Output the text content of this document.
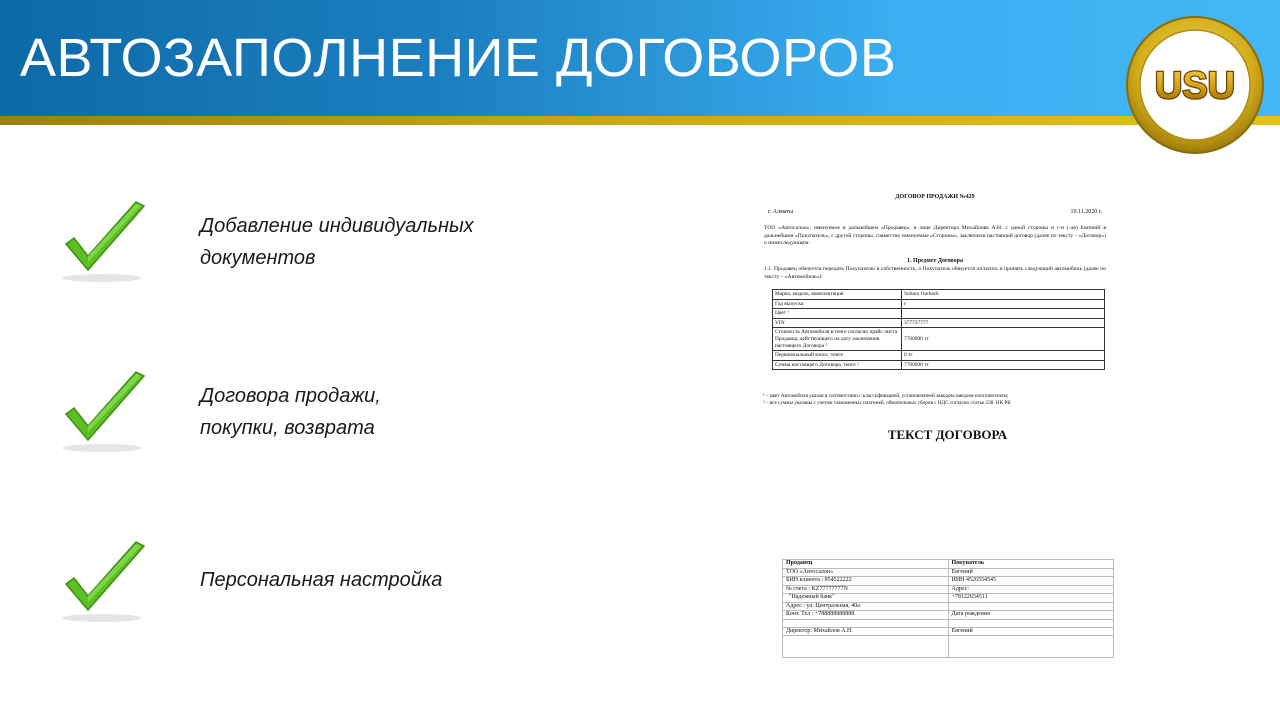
АВТОЗАПОЛНЕНИЕ ДОГОВОРОВ	USU
Добавление индивидуальных
документов
Договора продажи,
покупки, возврата
Персональная настройка
ДОГОВОР ПРОДАЖИ №429
г. Алматы	19.11.2020 г.
ТОО «Автосалон», именуемое в дальнейшем «Продавец», в лице Директора Михайлова А.Н. с одной стороны и г-н (-ая) Евгений в дальнейшем «Покупатель», с другой стороны, совместно именуемые «Стороны», заключили настоящий договор (далее по тексту – «Договор») о нижеследующем:
1. Предмет Договора
1.1. Продавец обязуется передать Покупателю в собственность, а Покупатель обязуется оплатить и принять следующий автомобиль (далее по тексту – «Автомобиль»):
Марка, модель, комплектация	Subaru Outback
Год выпуска	г
Цвет ¹	
VIN	377737777
Стоимость Автомобиля в тенге согласно прайс-листа Продавца, действующего на дату заключения настоящего Договора ²	7700000 тг
Первоначальный взнос, тенге	0 тг
Сумма настоящего Договора, тенге ²	7700000 тг
¹ – цвет Автомобиля указан в соответствии с классификацией, установленной заводом-заводом-изготовителем;
² – все суммы указаны с учетом таможенных платежей, обязательных сборов с НДС согласно статье 238. НК РК
ТЕКСТ ДОГОВОРА
Продавец	Покупатель
ТОО «Автосалон»	Евгений
БИН клиента : 854522222	ИИН 4526554545
№ счета : KZ77777777N	Адрес:
"Надежный банк"	+78122654511
Адрес : ул. Центральная, 40а	
Конт. Тел : +788888888888	Дата рождения

Директор: Михайлов А.Н.	Евгений
